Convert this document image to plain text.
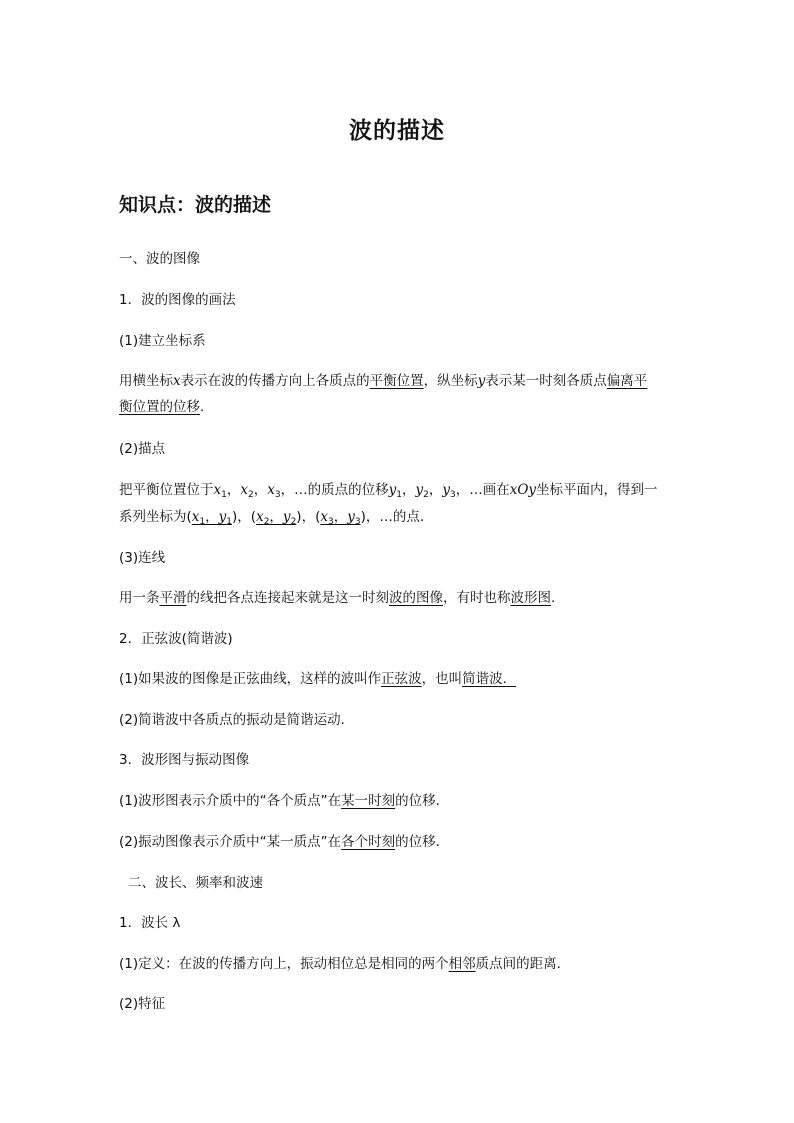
波的描述
知识点：波的描述
一、波的图像
1．波的图像的画法
(1)建立坐标系
用横坐标x表示在波的传播方向上各质点的平衡位置，纵坐标y表示某一时刻各质点偏离平
衡位置的位移.
(2)描点
把平衡位置位于$x_1$，$x_2$，$x_3$，…的质点的位移$y_1$，$y_2$，$y_3$，…画在xOy坐标平面内，得到一
系列坐标为($x_1$，$y_1$)，($x_2$，$y_2$)，($x_3$，$y_3$)，…的点．
(3)连线
用一条平滑的线把各点连接起来就是这一时刻波的图像，有时也称波形图.
2．正弦波(简谐波)
(1)如果波的图像是正弦曲线，这样的波叫作正弦波，也叫简谐波．
(2)简谐波中各质点的振动是简谐运动．
3．波形图与振动图像
(1)波形图表示介质中的“各个质点”在某一时刻的位移．
(2)振动图像表示介质中“某一质点”在各个时刻的位移．
二、波长、频率和波速
1．波长 λ
(1)定义：在波的传播方向上，振动相位总是相同的两个相邻质点间的距离．
(2)特征
